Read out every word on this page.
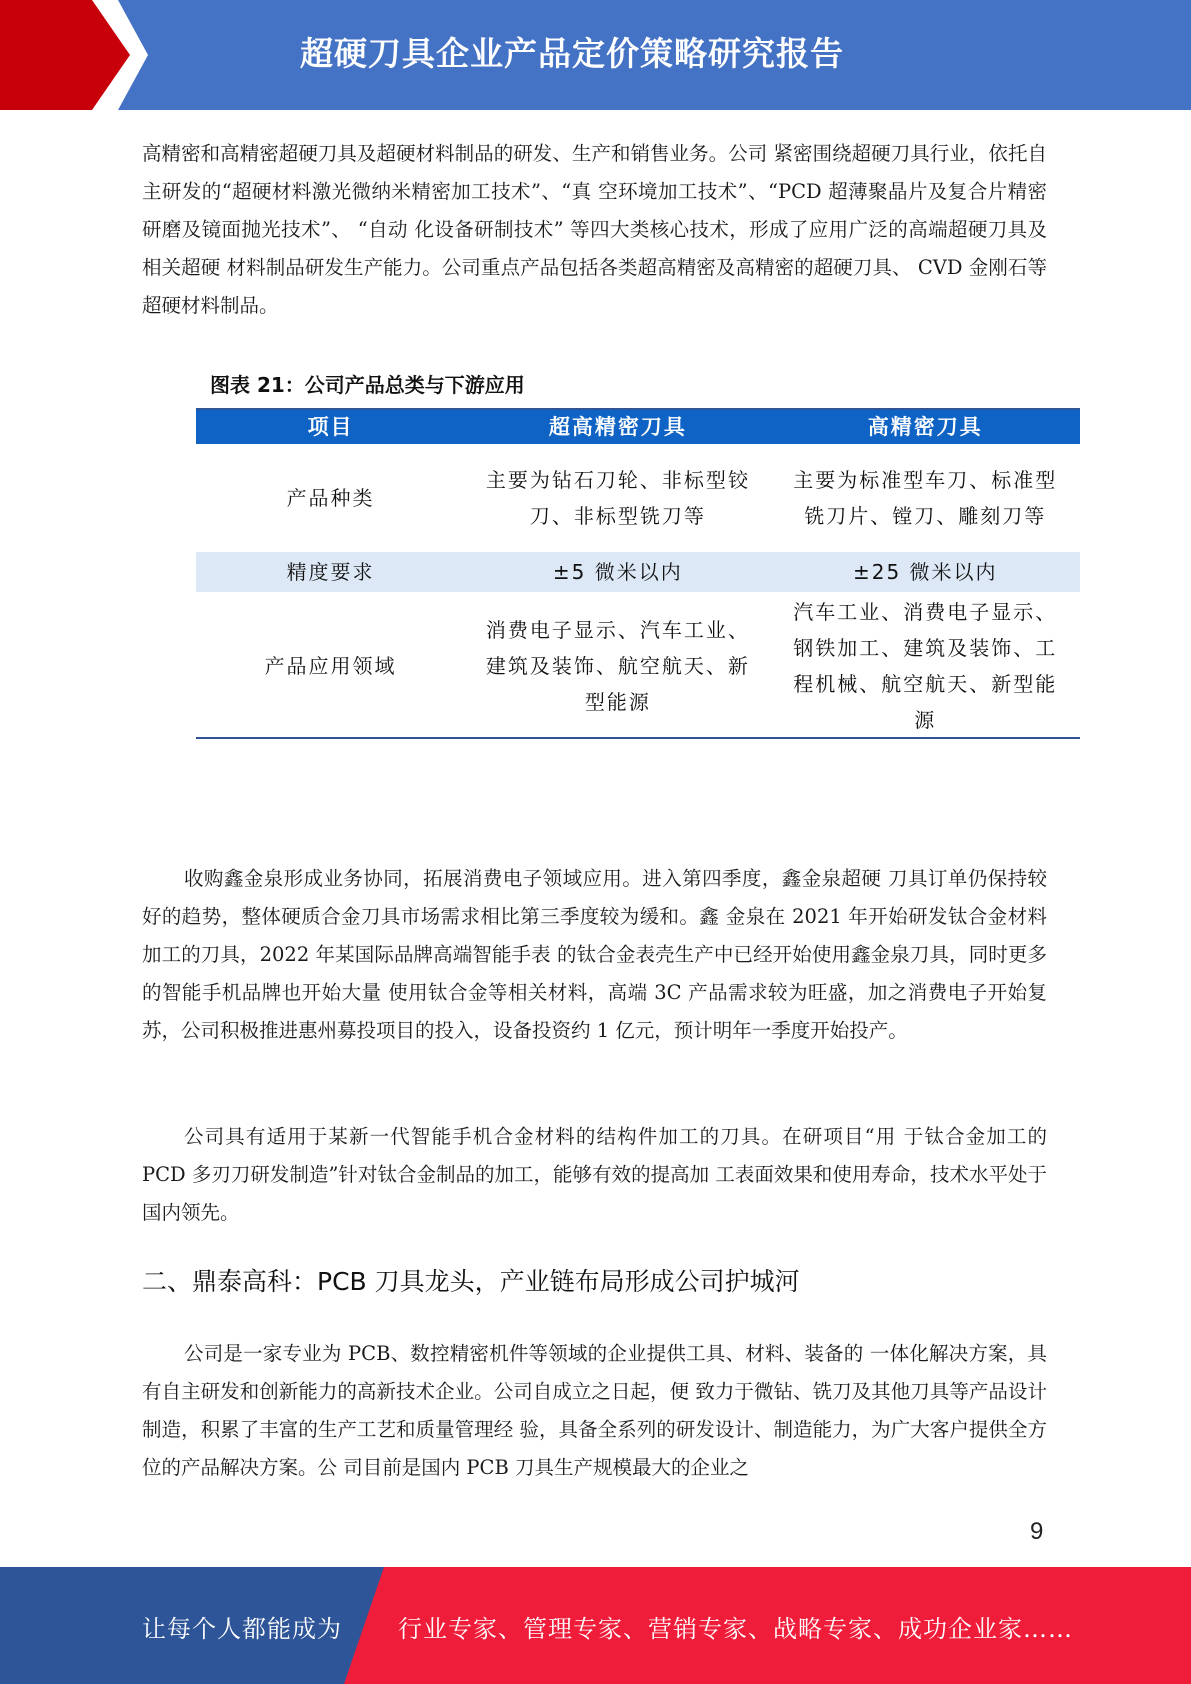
超硬刀具企业产品定价策略研究报告

高精密和高精密超硬刀具及超硬材料制品的研发、生产和销售业务。公司 紧密围绕超硬刀具行业，依托自主研发的“超硬材料激光微纳米精密加工技术”、“真 空环境加工技术”、“PCD 超薄聚晶片及复合片精密研磨及镜面抛光技术”、 “自动 化设备研制技术” 等四大类核心技术，形成了应用广泛的高端超硬刀具及相关超硬 材料制品研发生产能力。公司重点产品包括各类超高精密及高精密的超硬刀具、 CVD 金刚石等超硬材料制品。

图表 21：公司产品总类与下游应用
项目	超高精密刀具	高精密刀具
产品种类	主要为钻石刀轮、非标型铰刀、非标型铣刀等	主要为标准型车刀、标准型铣刀片、镗刀、雕刻刀等
精度要求	±5 微米以内	±25 微米以内
产品应用领域	消费电子显示、汽车工业、建筑及装饰、航空航天、新型能源	汽车工业、消费电子显示、钢铁加工、建筑及装饰、工程机械、航空航天、新型能源

收购鑫金泉形成业务协同，拓展消费电子领域应用。进入第四季度，鑫金泉超硬 刀具订单仍保持较好的趋势，整体硬质合金刀具市场需求相比第三季度较为缓和。鑫 金泉在 2021 年开始研发钛合金材料加工的刀具，2022 年某国际品牌高端智能手表 的钛合金表壳生产中已经开始使用鑫金泉刀具，同时更多的智能手机品牌也开始大量 使用钛合金等相关材料，高端 3C 产品需求较为旺盛，加之消费电子开始复苏，公司积极推进惠州募投项目的投入，设备投资约 1 亿元，预计明年一季度开始投产。

公司具有适用于某新一代智能手机合金材料的结构件加工的刀具。在研项目“用 于钛合金加工的 PCD 多刃刀研发制造”针对钛合金制品的加工，能够有效的提高加 工表面效果和使用寿命，技术水平处于国内领先。

二、鼎泰高科：PCB 刀具龙头，产业链布局形成公司护城河

公司是一家专业为 PCB、数控精密机件等领域的企业提供工具、材料、装备的 一体化解决方案，具有自主研发和创新能力的高新技术企业。公司自成立之日起，便 致力于微钻、铣刀及其他刀具等产品设计制造，积累了丰富的生产工艺和质量管理经 验，具备全系列的研发设计、制造能力，为广大客户提供全方位的产品解决方案。公 司目前是国内 PCB 刀具生产规模最大的企业之

9
让每个人都能成为 行业专家、管理专家、营销专家、战略专家、成功企业家……
